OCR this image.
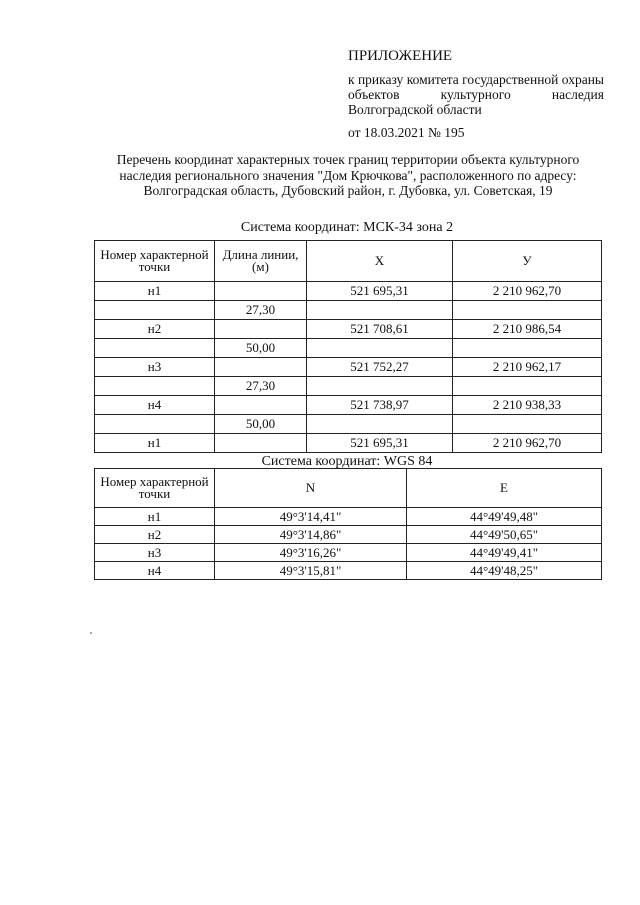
ПРИЛОЖЕНИЕ
к приказу комитета государственной охраны объектов культурного наследия Волгоградской области
от 18.03.2021 № 195
Перечень координат характерных точек границ территории объекта культурного наследия регионального значения "Дом Крючкова", расположенного по адресу: Волгоградская область, Дубовский район, г. Дубовка, ул. Советская, 19
Система координат: МСК-34 зона 2
Номер характерной точки	Длина линии, (м)	X	У
н1		521 695,31	2 210 962,70
	27,30		
н2		521 708,61	2 210 986,54
	50,00		
н3		521 752,27	2 210 962,17
	27,30		
н4		521 738,97	2 210 938,33
	50,00		
н1		521 695,31	2 210 962,70
Система координат: WGS 84
Номер характерной точки	N	E
н1	49°3'14,41"	44°49'49,48"
н2	49°3'14,86"	44°49'50,65"
н3	49°3'16,26"	44°49'49,41"
н4	49°3'15,81"	44°49'48,25"
